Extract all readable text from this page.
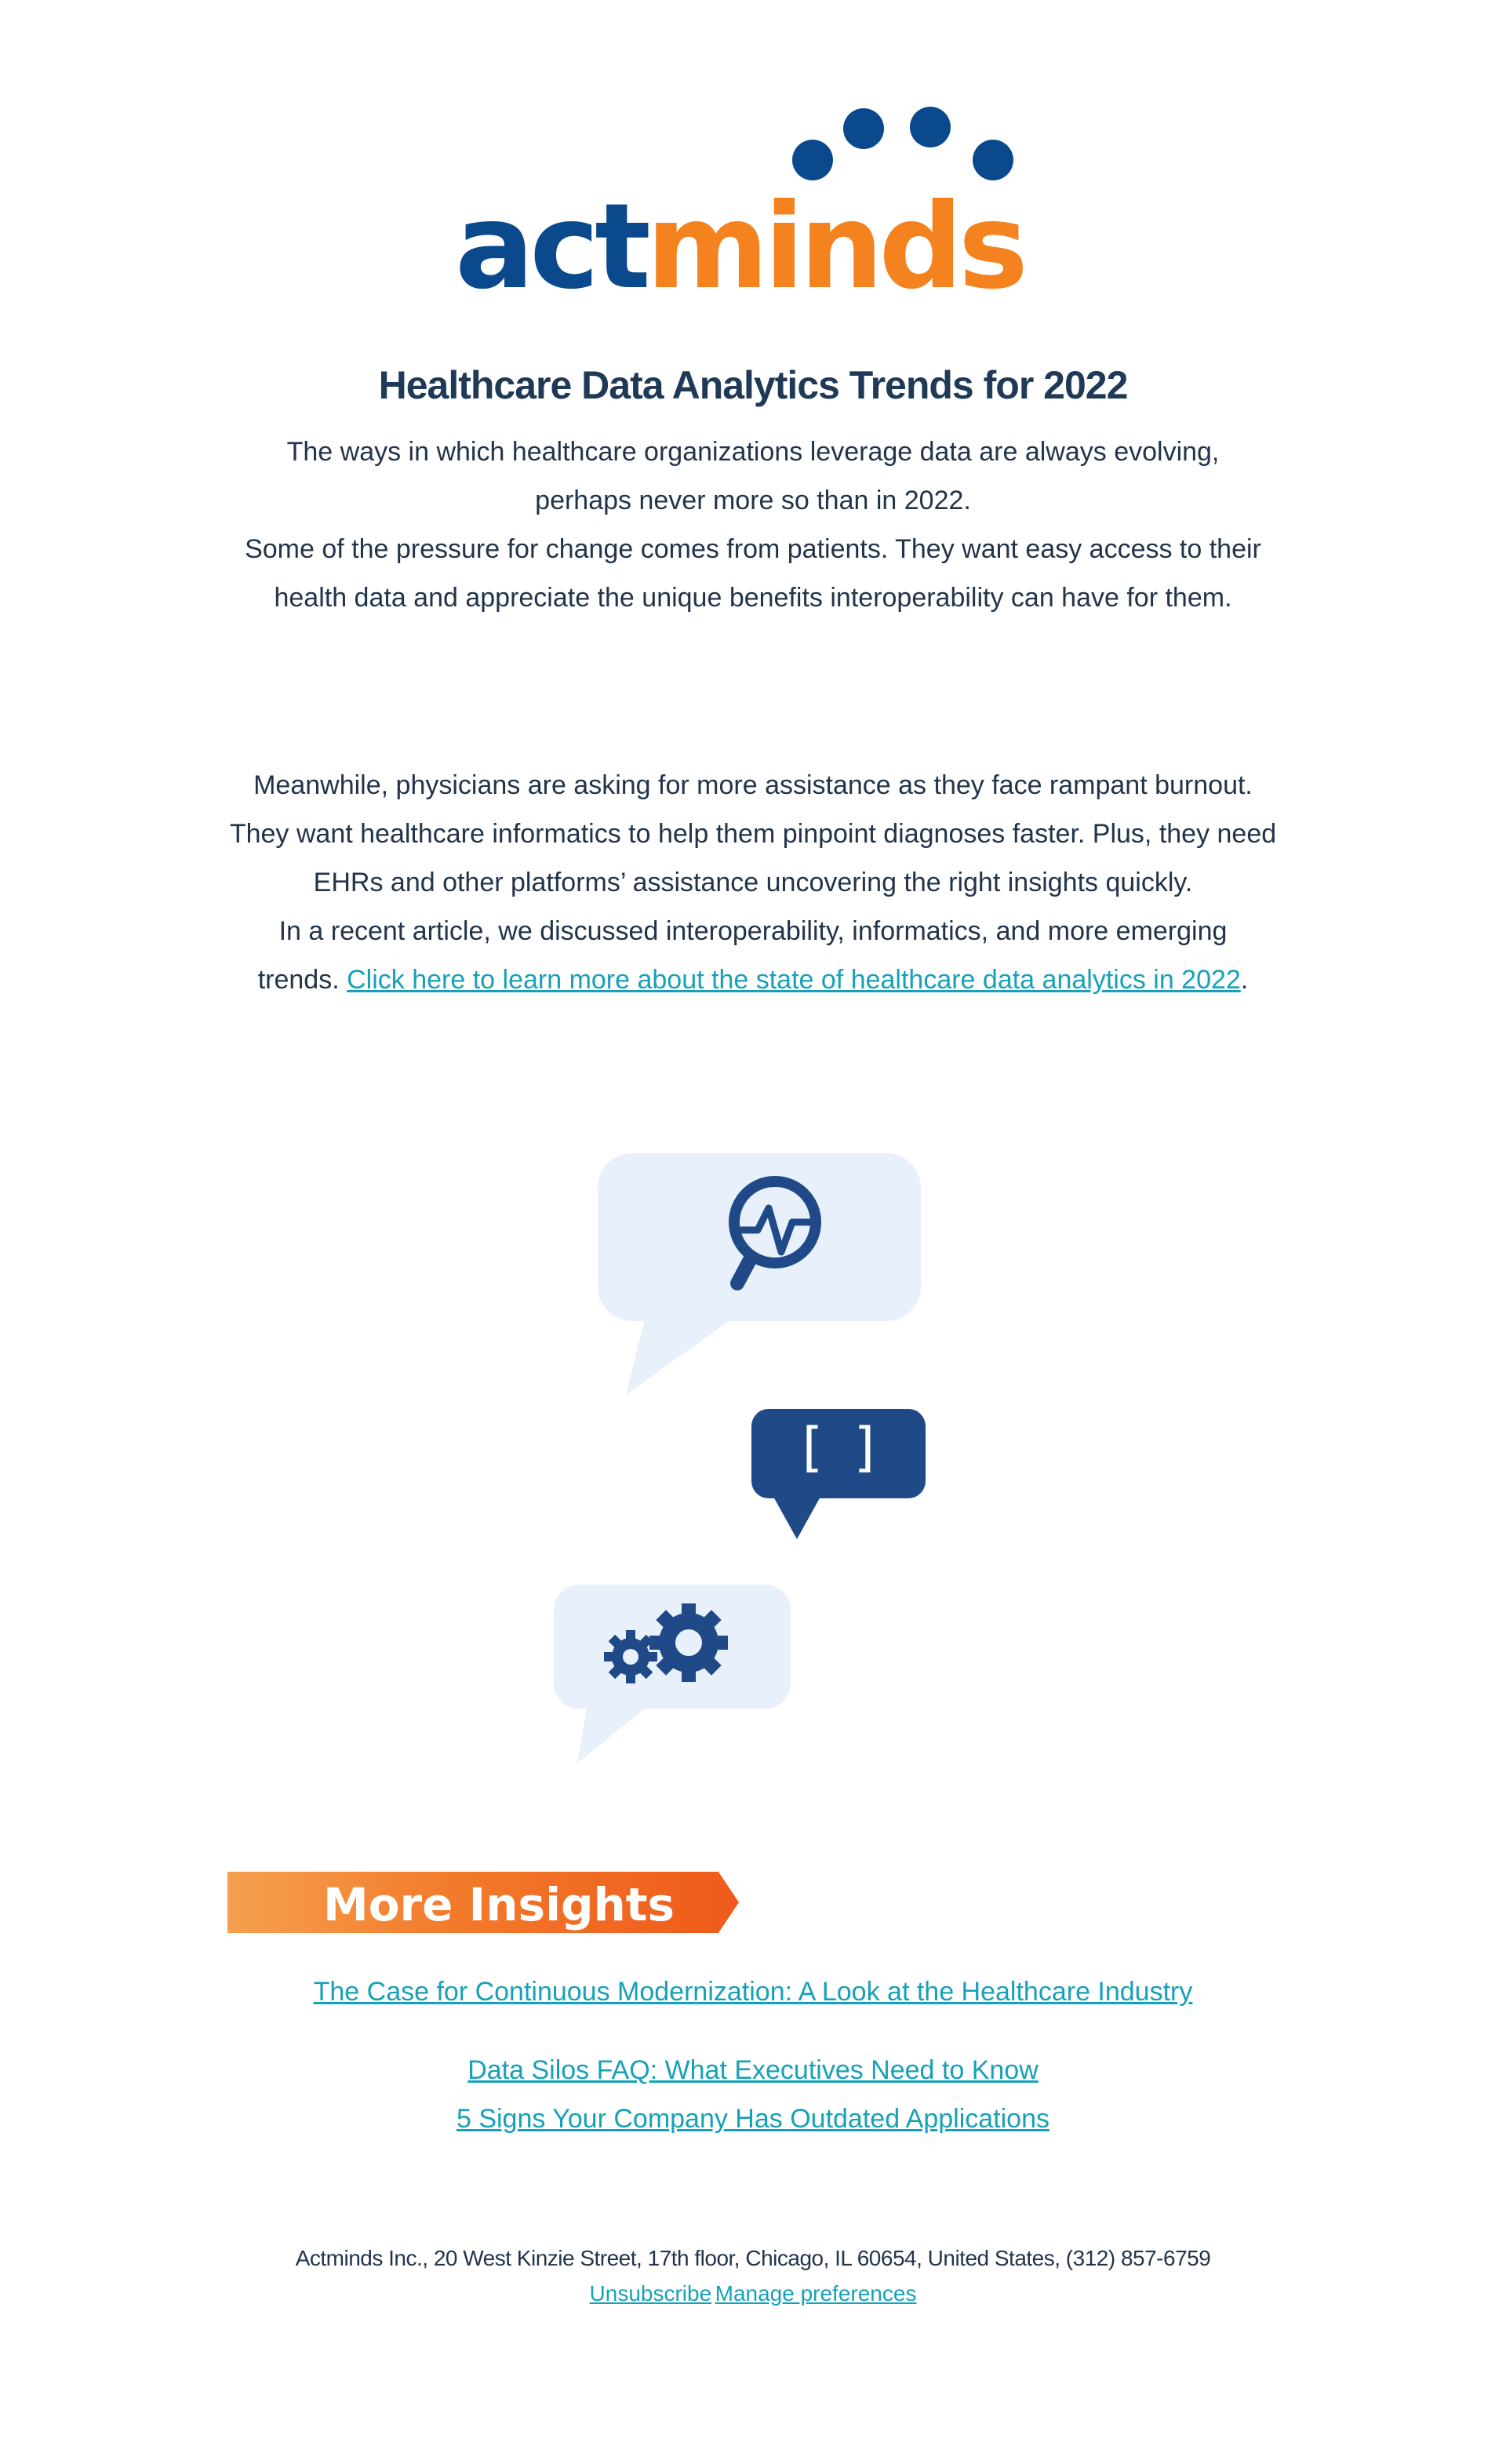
actminds
Healthcare Data Analytics Trends for 2022

The ways in which healthcare organizations leverage data are always evolving, perhaps never more so than in 2022.

Some of the pressure for change comes from patients. They want easy access to their health data and appreciate the unique benefits interoperability can have for them.

Meanwhile, physicians are asking for more assistance as they face rampant burnout. They want healthcare informatics to help them pinpoint diagnoses faster. Plus, they need EHRs and other platforms’ assistance uncovering the right insights quickly.

In a recent article, we discussed interoperability, informatics, and more emerging trends. Click here to learn more about the state of healthcare data analytics in 2022.

[ ]
More Insights
The Case for Continuous Modernization: A Look at the Healthcare Industry
Data Silos FAQ: What Executives Need to Know
5 Signs Your Company Has Outdated Applications
Actminds Inc., 20 West Kinzie Street, 17th floor, Chicago, IL 60654, United States, (312) 857-6759
Unsubscribe Manage preferences
